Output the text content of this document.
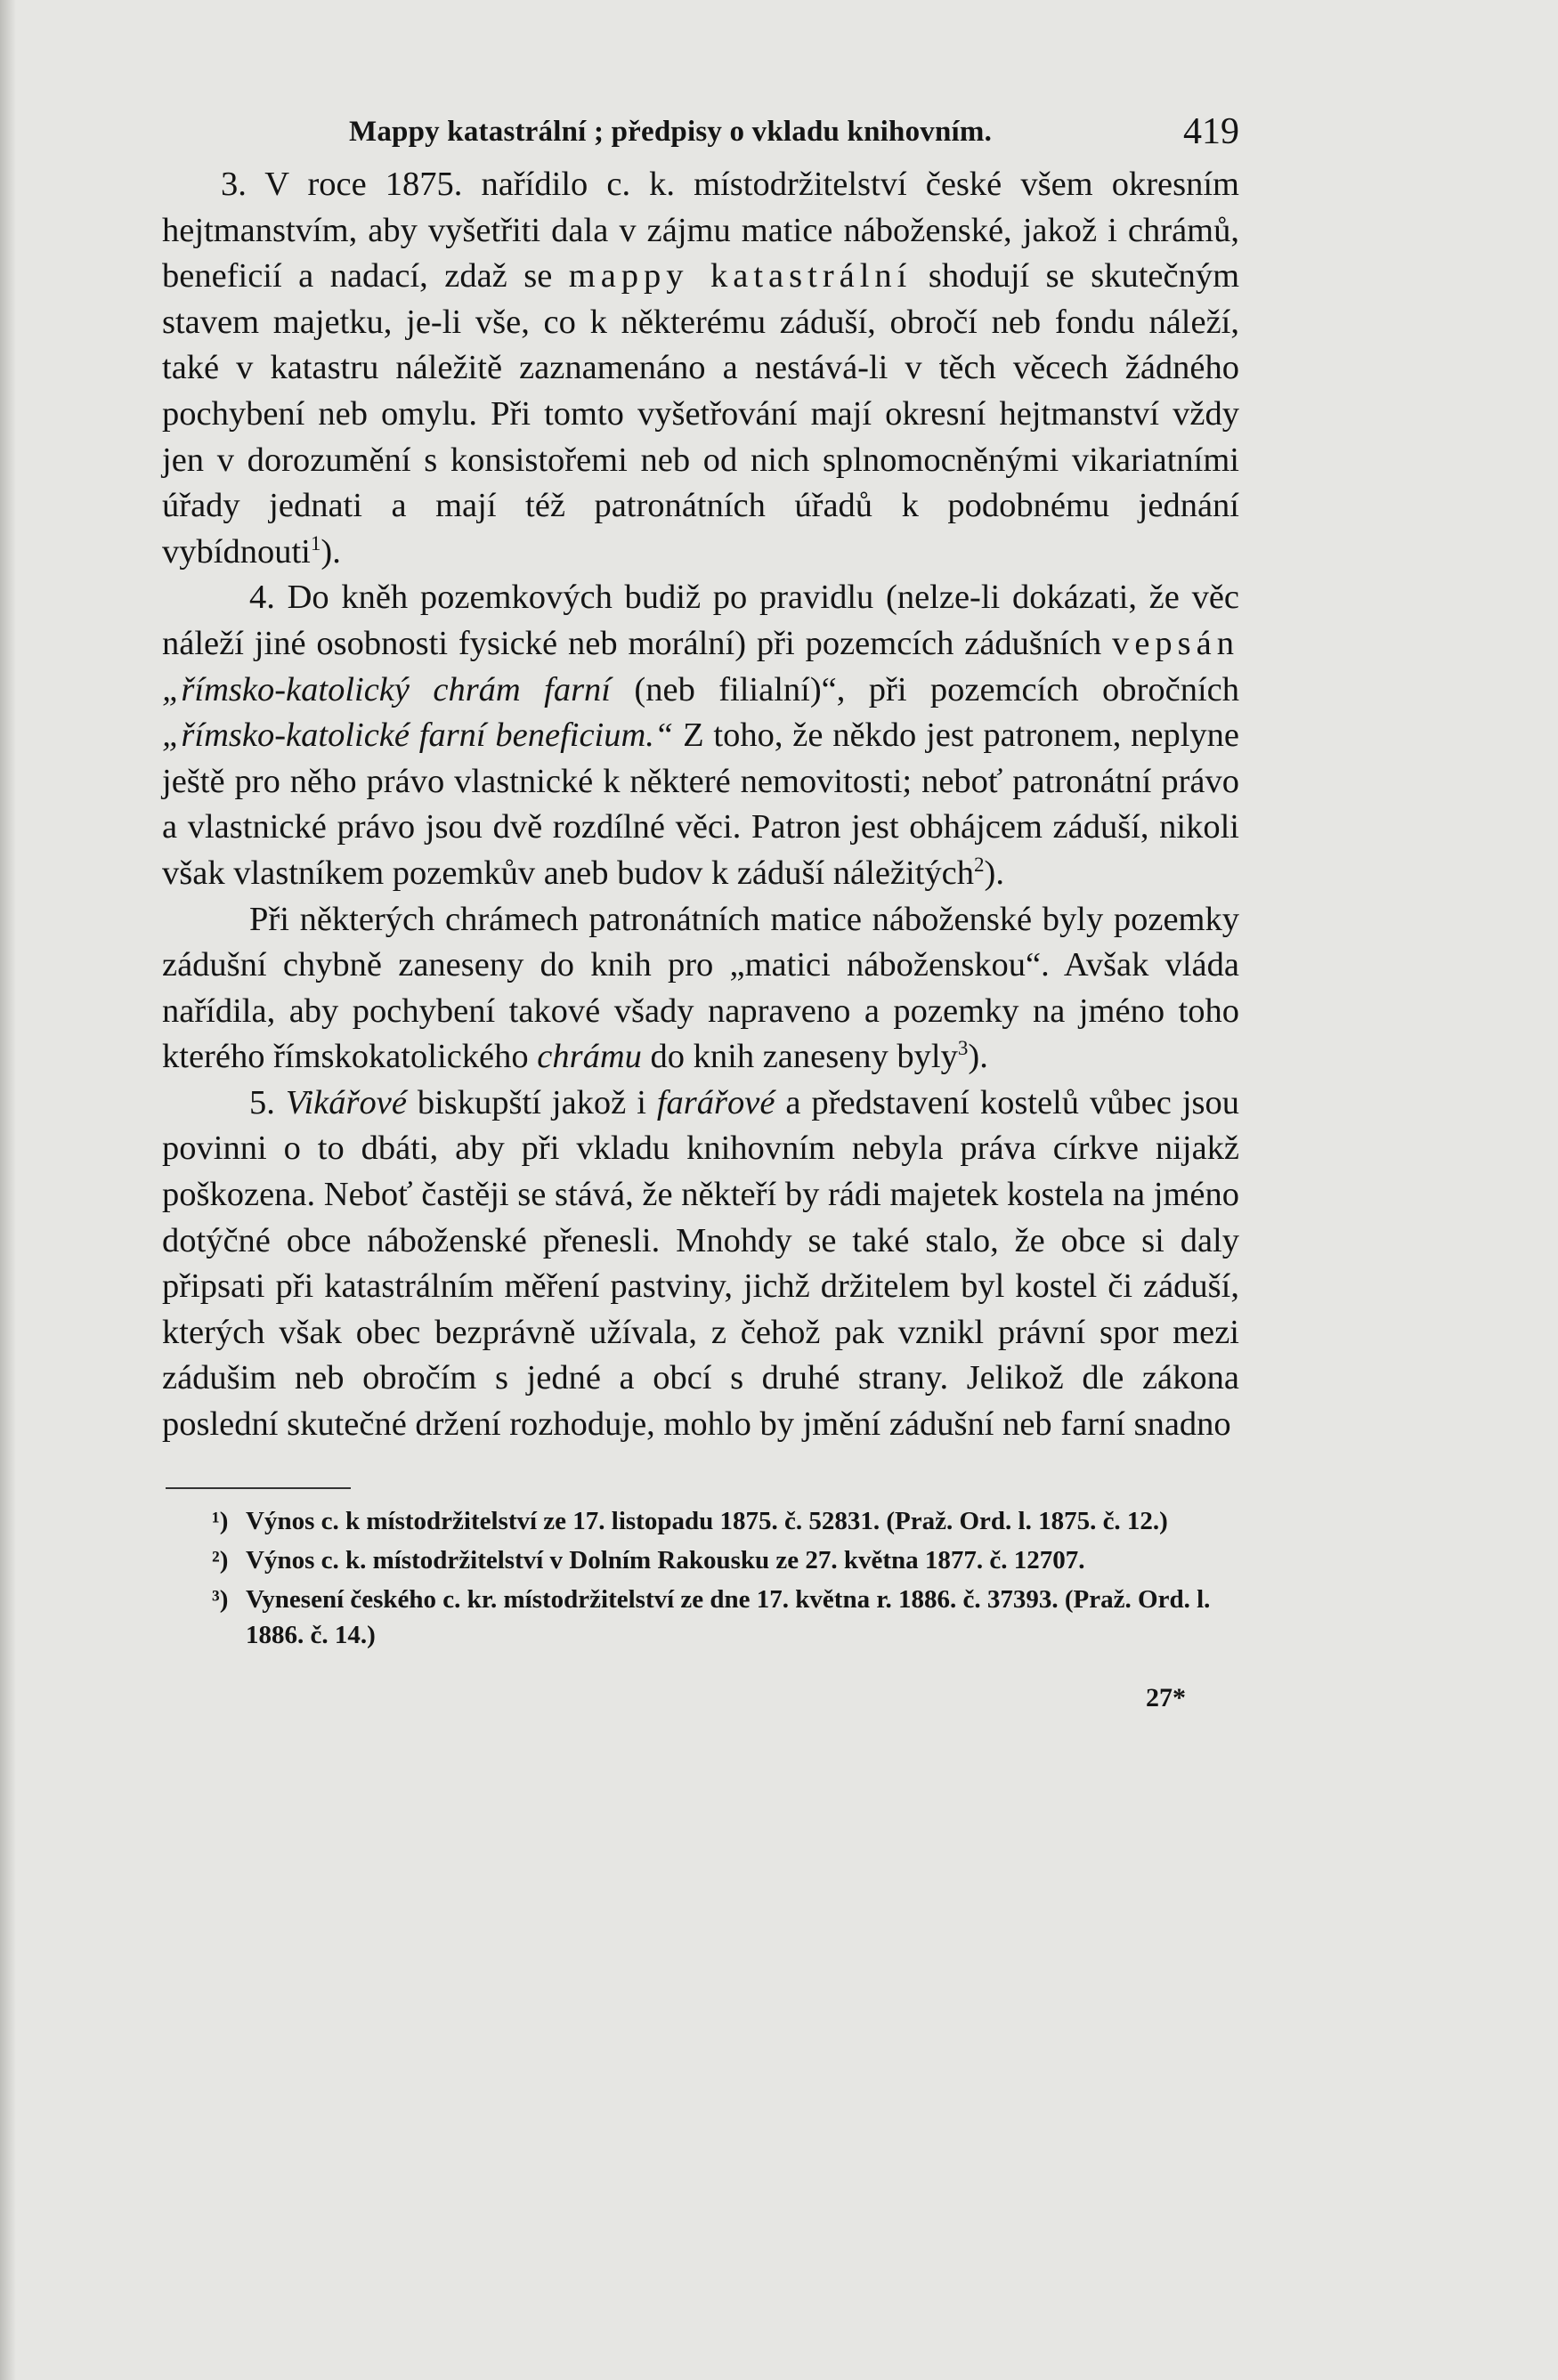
Mappy katastrální ; předpisy o vkladu knihovním.	419

3. V roce 1875. nařídilo c. k. místodržitelství české všem okresním hejtmanstvím, aby vyšetřiti dala v zájmu matice náboženské, jakož i chrámů, beneficií a nadací, zdaž se mappy katastrální shodují se skutečným stavem majetku, je-li vše, co k některému záduší, obročí neb fondu náleží, také v katastru náležitě zaznamenáno a nestává-li v těch věcech žádného pochybení neb omylu. Při tomto vyšetřování mají okresní hejtmanství vždy jen v dorozumění s konsistořemi neb od nich splnomocněnými vikariatními úřady jednati a mají též patronátních úřadů k podobnému jednání vybídnouti$^1$).

4. Do kněh pozemkových budiž po pravidlu (nelze-li dokázati, že věc náleží jiné osobnosti fysické neb morální) při pozemcích zádušních vepsán „římsko-katolický chrám farní (neb filialní)“, při pozemcích obročních „římsko-katolické farní beneficium.“ Z toho, že někdo jest patronem, neplyne ještě pro něho právo vlastnické k některé nemovitosti; neboť patronátní právo a vlastnické právo jsou dvě rozdílné věci. Patron jest obhájcem záduší, nikoli však vlastníkem pozemkův aneb budov k záduší náležitých$^2$).

Při některých chrámech patronátních matice náboženské byly pozemky zádušní chybně zaneseny do knih pro „matici náboženskou“. Avšak vláda nařídila, aby pochybení takové všady napraveno a pozemky na jméno toho kterého římskokatolického chrámu do knih zaneseny byly$^3$).

5. Vikářové biskupští jakož i farářové a představení kostelů vůbec jsou povinni o to dbáti, aby při vkladu knihovním nebyla práva církve nijakž poškozena. Neboť častěji se stává, že někteří by rádi majetek kostela na jméno dotýčné obce náboženské přenesli. Mnohdy se také stalo, že obce si daly připsati při katastrálním měření pastviny, jichž držitelem byl kostel či záduší, kterých však obec bezprávně užívala, z čehož pak vznikl právní spor mezi zádušim neb obročím s jedné a obcí s druhé strany. Jelikož dle zákona poslední skutečné držení rozhoduje, mohlo by jmění zádušní neb farní snadno

¹) Výnos c. k místodržitelství ze 17. listopadu 1875. č. 52831. (Praž. Ord. l. 1875. č. 12.)
²) Výnos c. k. místodržitelství v Dolním Rakousku ze 27. května 1877. č. 12707.
³) Vynesení českého c. kr. místodržitelství ze dne 17. května r. 1886. č. 37393. (Praž. Ord. l. 1886. č. 14.)
27*
